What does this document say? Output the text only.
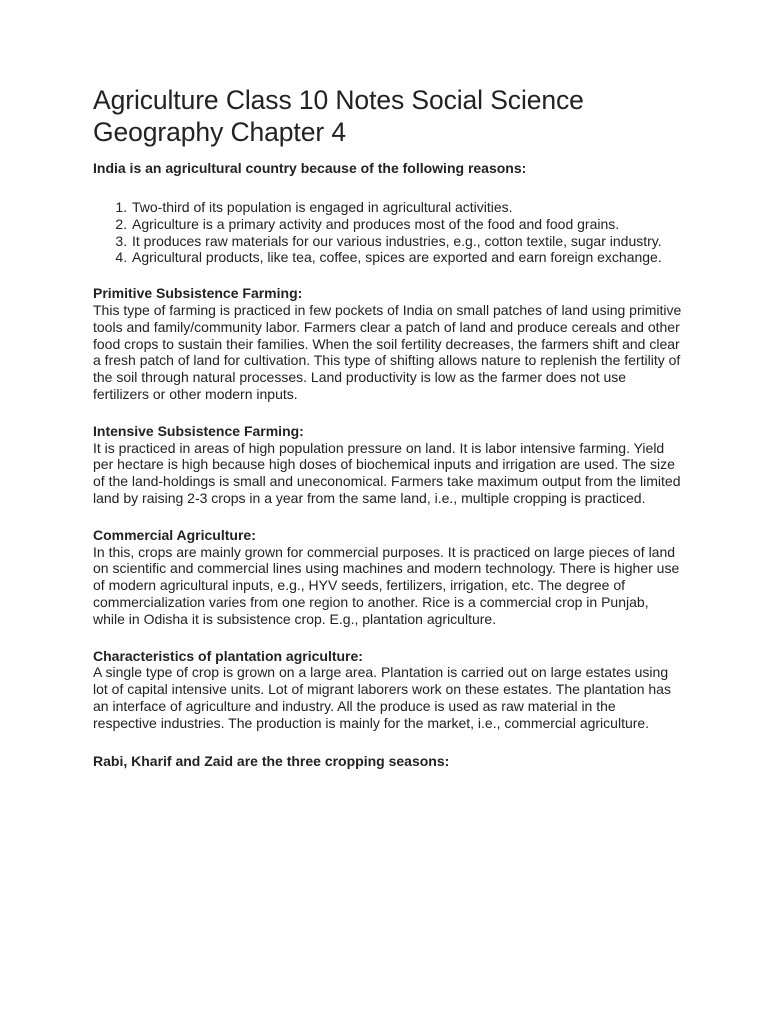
Agriculture Class 10 Notes Social Science Geography Chapter 4

India is an agricultural country because of the following reasons:

1. Two-third of its population is engaged in agricultural activities.
2. Agriculture is a primary activity and produces most of the food and food grains.
3. It produces raw materials for our various industries, e.g., cotton textile, sugar industry.
4. Agricultural products, like tea, coffee, spices are exported and earn foreign exchange.
Primitive Subsistence Farming:
This type of farming is practiced in few pockets of India on small patches of land using primitive tools and family/community labor. Farmers clear a patch of land and produce cereals and other food crops to sustain their families. When the soil fertility decreases, the farmers shift and clear a fresh patch of land for cultivation. This type of shifting allows nature to replenish the fertility of the soil through natural processes. Land productivity is low as the farmer does not use fertilizers or other modern inputs.
Intensive Subsistence Farming:
It is practiced in areas of high population pressure on land. It is labor intensive farming. Yield per hectare is high because high doses of biochemical inputs and irrigation are used. The size of the land-holdings is small and uneconomical. Farmers take maximum output from the limited land by raising 2-3 crops in a year from the same land, i.e., multiple cropping is practiced.
Commercial Agriculture:
In this, crops are mainly grown for commercial purposes. It is practiced on large pieces of land on scientific and commercial lines using machines and modern technology. There is higher use of modern agricultural inputs, e.g., HYV seeds, fertilizers, irrigation, etc. The degree of commercialization varies from one region to another. Rice is a commercial crop in Punjab, while in Odisha it is subsistence crop. E.g., plantation agriculture.
Characteristics of plantation agriculture:
A single type of crop is grown on a large area. Plantation is carried out on large estates using lot of capital intensive units. Lot of migrant laborers work on these estates. The plantation has an interface of agriculture and industry. All the produce is used as raw material in the respective industries. The production is mainly for the market, i.e., commercial agriculture.
Rabi, Kharif and Zaid are the three cropping seasons:
